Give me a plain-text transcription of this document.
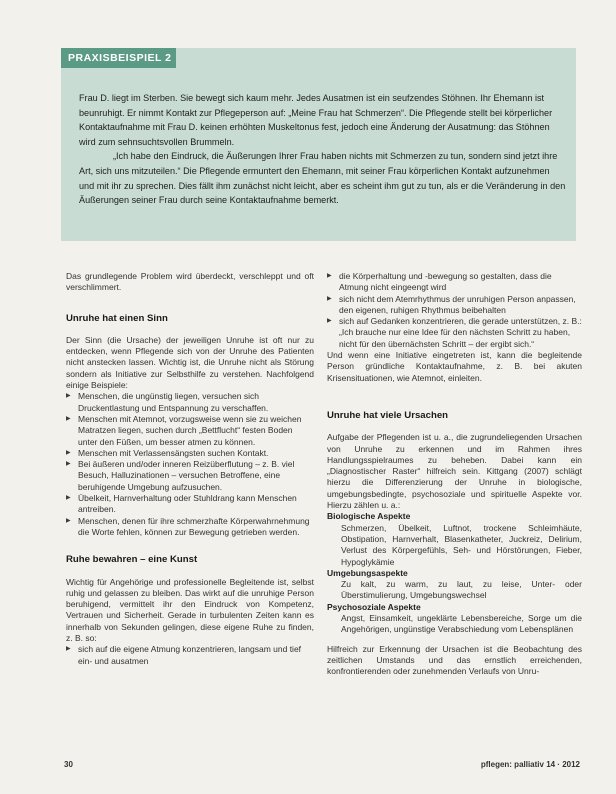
PRAXISBEISPIEL 2

Frau D. liegt im Sterben. Sie bewegt sich kaum mehr. Jedes Ausatmen ist ein seufzendes Stöhnen. Ihr Ehemann ist beunruhigt. Er nimmt Kontakt zur Pflegeperson auf: „Meine Frau hat Schmerzen“. Die Pflegende stellt bei körperlicher Kontaktaufnahme mit Frau D. keinen erhöhten Muskeltonus fest, jedoch eine Änderung der Ausatmung: das Stöhnen wird zum sehnsuchtsvollen Brummeln.

„Ich habe den Eindruck, die Äußerungen Ihrer Frau haben nichts mit Schmerzen zu tun, sondern sind jetzt ihre Art, sich uns mitzuteilen.“ Die Pflegende ermuntert den Ehemann, mit seiner Frau körperlichen Kontakt aufzunehmen und mit ihr zu sprechen. Dies fällt ihm zunächst nicht leicht, aber es scheint ihm gut zu tun, als er die Veränderung in den Äußerungen seiner Frau durch seine Kontaktaufnahme bemerkt.

Das grundlegende Problem wird überdeckt, verschleppt und oft verschlimmert.

Unruhe hat einen Sinn

Der Sinn (die Ursache) der jeweiligen Unruhe ist oft nur zu entdecken, wenn Pflegende sich von der Unruhe des Patienten nicht anstecken lassen. Wichtig ist, die Unruhe nicht als Störung sondern als Initiative zur Selbsthilfe zu verstehen. Nachfolgend einige Beispiele:

▶ Menschen, die ungünstig liegen, versuchen sich Druckentlastung und Entspannung zu verschaffen.
▶ Menschen mit Atemnot, vorzugsweise wenn sie zu weichen Matratzen liegen, suchen durch „Bettflucht“ festen Boden unter den Füßen, um besser atmen zu können.
▶ Menschen mit Verlassensängsten suchen Kontakt.
▶ Bei äußeren und/oder inneren Reizüberflutung – z. B. viel Besuch, Halluzinationen – versuchen Betroffene, eine beruhigende Umgebung aufzusuchen.
▶ Übelkeit, Harnverhaltung oder Stuhldrang kann Menschen antreiben.
▶ Menschen, denen für ihre schmerzhafte Körperwahrnehmung die Worte fehlen, können zur Bewegung getrieben werden.

Ruhe bewahren – eine Kunst

Wichtig für Angehörige und professionelle Begleitende ist, selbst ruhig und gelassen zu bleiben. Das wirkt auf die unruhige Person beruhigend, vermittelt ihr den Eindruck von Kompetenz, Vertrauen und Sicherheit. Gerade in turbulenten Zeiten kann es innerhalb von Sekunden gelingen, diese eigene Ruhe zu finden, z. B. so:

▶ sich auf die eigene Atmung konzentrieren, langsam und tief ein- und ausatmen
▶ die Körperhaltung und -bewegung so gestalten, dass die Atmung nicht eingeengt wird
▶ sich nicht dem Atemrhythmus der unruhigen Person anpassen, den eigenen, ruhigen Rhythmus beibehalten
▶ sich auf Gedanken konzentrieren, die gerade unterstützen, z. B.: „Ich brauche nur eine Idee für den nächsten Schritt zu haben, nicht für den übernächsten Schritt – der ergibt sich.“

Und wenn eine Initiative eingetreten ist, kann die begleitende Person gründliche Kontaktaufnahme, z. B. bei akuten Krisensituationen, wie Atemnot, einleiten.

Unruhe hat viele Ursachen

Aufgabe der Pflegenden ist u. a., die zugrundeliegenden Ursachen von Unruhe zu erkennen und im Rahmen ihres Handlungsspielraumes zu beheben. Dabei kann ein „Diagnostischer Raster“ hilfreich sein. Kittgang (2007) schlägt hierzu die Differenzierung der Unruhe in biologische, umgebungsbedingte, psychosoziale und spirituelle Aspekte vor. Hierzu zählen u. a.:

Biologische Aspekte

Schmerzen, Übelkeit, Luftnot, trockene Schleimhäute, Obstipation, Harnverhalt, Blasenkatheter, Juckreiz, Delirium, Verlust des Körpergefühls, Seh- und Hörstörungen, Fieber, Hypoglykämie

Umgebungsaspekte

Zu kalt, zu warm, zu laut, zu leise, Unter- oder Überstimulierung, Umgebungswechsel

Psychosoziale Aspekte

Angst, Einsamkeit, ungeklärte Lebensbereiche, Sorge um die Angehörigen, ungünstige Verabschiedung vom Lebensplänen

Hilfreich zur Erkennung der Ursachen ist die Beobachtung des zeitlichen Umstands und das ernstlich erreichenden, konfrontierenden oder zunehmenden Verlaufs von Unru-

30	pflegen: palliativ 14 · 2012
